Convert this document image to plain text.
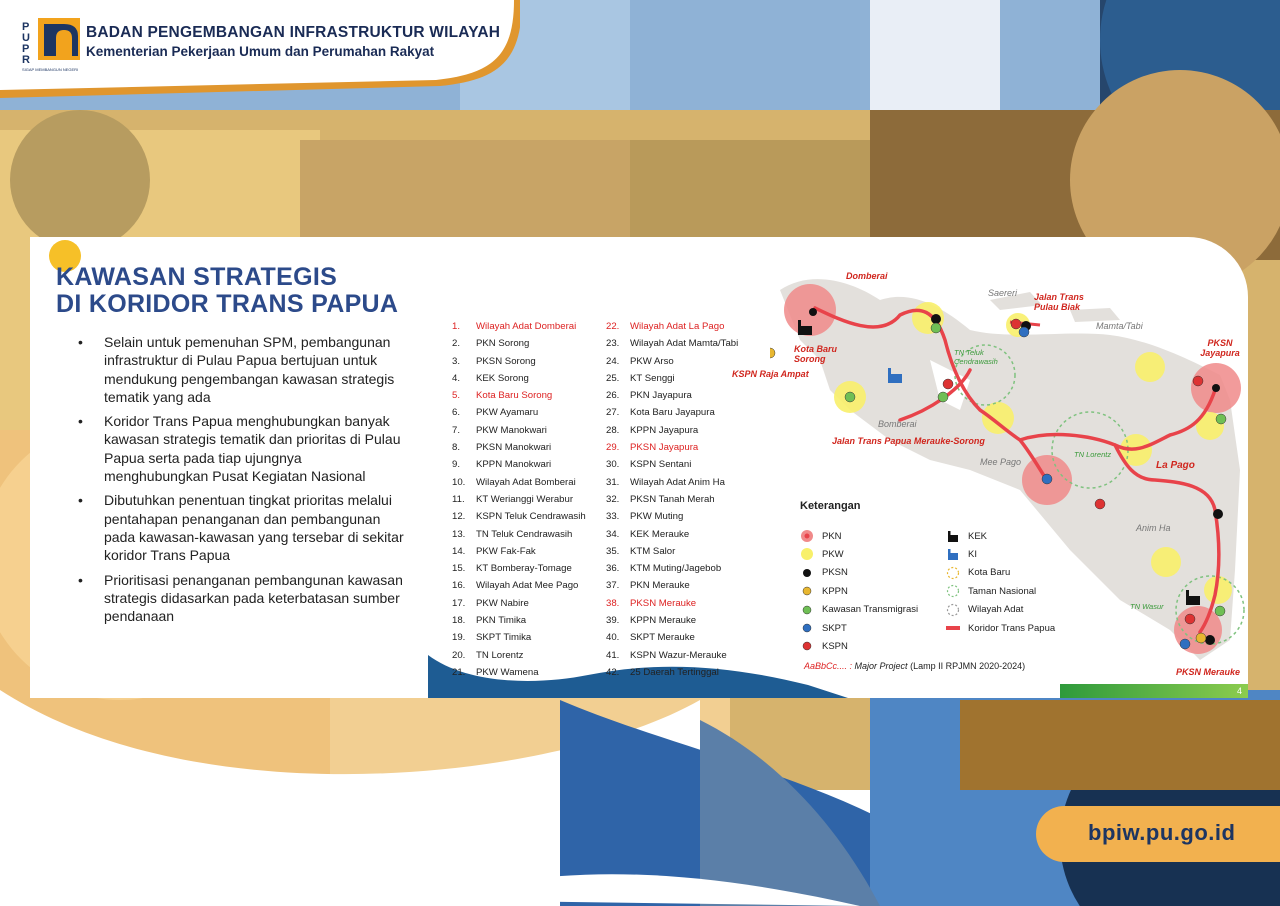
P
U
P
R
SIGAP MEMBANGUN NEGERI
BADAN PENGEMBANGAN INFRASTRUKTUR WILAYAH
Kementerian Pekerjaan Umum dan Perumahan Rakyat
KAWASAN STRATEGIS
DI KORIDOR TRANS PAPUA
• Selain untuk pemenuhan SPM, pembangunan infrastruktur di Pulau Papua bertujuan untuk mendukung pengembangan kawasan strategis tematik yang ada
• Koridor Trans Papua menghubungkan banyak kawasan strategis tematik dan prioritas di Pulau Papua serta pada tiap ujungnya menghubungkan Pusat Kegiatan Nasional
• Dibutuhkan penentuan tingkat prioritas melalui pentahapan penanganan dan pembangunan pada kawasan-kawasan yang tersebar di sekitar koridor Trans Papua
• Prioritisasi penanganan pembangunan kawasan strategis didasarkan pada keterbatasan sumber pendanaan
1. Wilayah Adat Domberai
2. PKN Sorong
3. PKSN Sorong
4. KEK Sorong
5. Kota Baru Sorong
6. PKW Ayamaru
7. PKW Manokwari
8. PKSN Manokwari
9. KPPN Manokwari
10. Wilayah Adat Bomberai
11. KT Werianggi Werabur
12. KSPN Teluk Cendrawasih
13. TN Teluk Cendrawasih
14. PKW Fak-Fak
15. KT Bomberay-Tomage
16. Wilayah Adat Mee Pago
17. PKW Nabire
18. PKN Timika
19. SKPT Timika
20. TN Lorentz
21. PKW Wamena
22. Wilayah Adat La Pago
23. Wilayah Adat Mamta/Tabi
24. PKW Arso
25. KT Senggi
26. PKN Jayapura
27. Kota Baru Jayapura
28. KPPN Jayapura
29. PKSN Jayapura
30. KSPN Sentani
31. Wilayah Adat Anim Ha
32. PKSN Tanah Merah
33. PKW Muting
34. KEK Merauke
35. KTM Salor
36. KTM Muting/Jagebob
37. PKN Merauke
38. PKSN Merauke
39. KPPN Merauke
40. SKPT Merauke
41. KSPN Wazur-Merauke
42. 25 Daerah Tertinggal
Domberai
Kota Baru Sorong
KSPN Raja Ampat
Saereri Jalan Trans Pulau Biak
Mamta/Tabi
PKSN Jayapura
TN Teluk Cendrawasih
Bomberai
Jalan Trans Papua Merauke-Sorong
Mee Pago
TN Lorentz
La Pago
Anim Ha
TN Wasur
PKSN Merauke
Keterangan
PKN
PKW
PKSN
KPPN
Kawasan Transmigrasi
SKPT
KSPN
KEK
KI
Kota Baru
Taman Nasional
Wilayah Adat
Koridor Trans Papua
AaBbCc.... : Major Project (Lamp II RPJMN 2020-2024)
4
bpiw.pu.go.id
